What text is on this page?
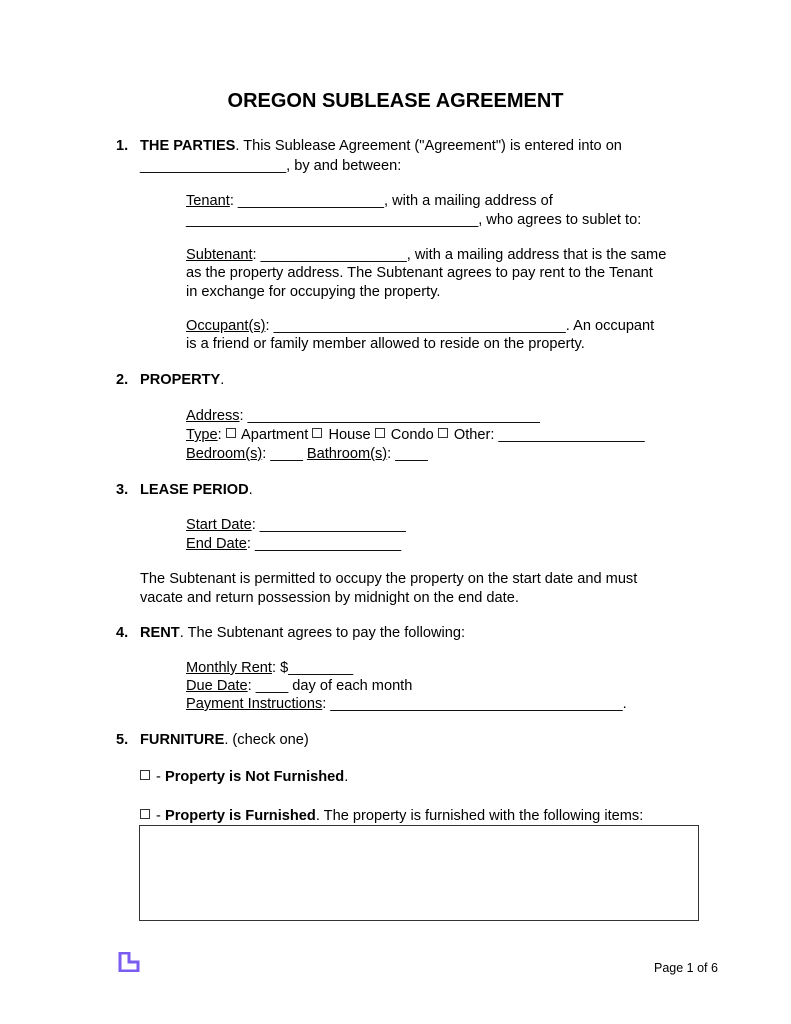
OREGON SUBLEASE AGREEMENT
1. THE PARTIES. This Sublease Agreement ("Agreement") is entered into on
__________________, by and between:
Tenant: __________________, with a mailing address of
____________________________________, who agrees to sublet to:
Subtenant: __________________, with a mailing address that is the same
as the property address. The Subtenant agrees to pay rent to the Tenant
in exchange for occupying the property.
Occupant(s): ____________________________________. An occupant
is a friend or family member allowed to reside on the property.
2. PROPERTY.
Address: ____________________________________
Type:  Apartment House Condo Other: __________________
Bedroom(s): ____ Bathroom(s): ____
3. LEASE PERIOD.
Start Date: __________________
End Date: __________________
The Subtenant is permitted to occupy the property on the start date and must
vacate and return possession by midnight on the end date.
4. RENT. The Subtenant agrees to pay the following:
Monthly Rent: $________
Due Date: ____ day of each month
Payment Instructions: ____________________________________.
5. FURNITURE. (check one)
- Property is Not Furnished.
- Property is Furnished. The property is furnished with the following items:
Page 1 of 6
